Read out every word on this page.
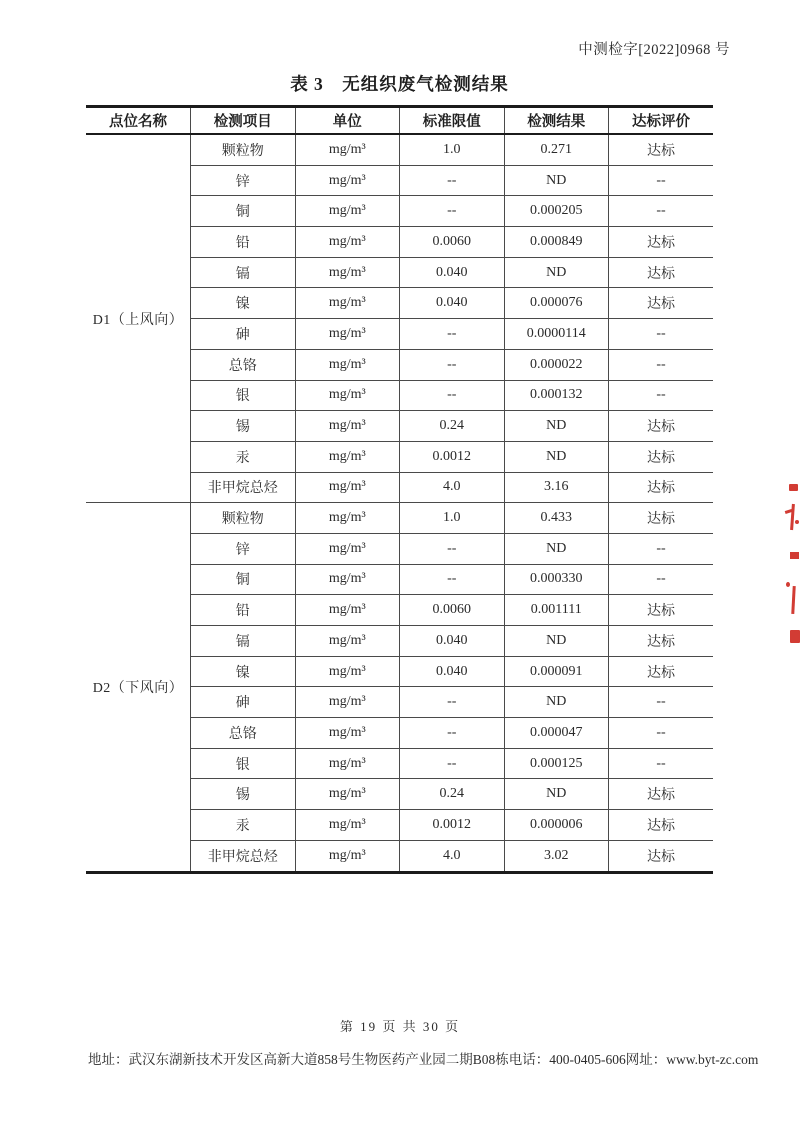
中测检字[2022]0968 号
表 3　无组织废气检测结果
点位名称	检测项目	单位	标准限值	检测结果	达标评价
D1（上风向）	颗粒物	mg/m³	1.0	0.271	达标
	锌	mg/m³	--	ND	--
	铜	mg/m³	--	0.000205	--
	铅	mg/m³	0.0060	0.000849	达标
	镉	mg/m³	0.040	ND	达标
	镍	mg/m³	0.040	0.000076	达标
	砷	mg/m³	--	0.0000114	--
	总铬	mg/m³	--	0.000022	--
	银	mg/m³	--	0.000132	--
	锡	mg/m³	0.24	ND	达标
	汞	mg/m³	0.0012	ND	达标
	非甲烷总烃	mg/m³	4.0	3.16	达标
D2（下风向）	颗粒物	mg/m³	1.0	0.433	达标
	锌	mg/m³	--	ND	--
	铜	mg/m³	--	0.000330	--
	铅	mg/m³	0.0060	0.001111	达标
	镉	mg/m³	0.040	ND	达标
	镍	mg/m³	0.040	0.000091	达标
	砷	mg/m³	--	ND	--
	总铬	mg/m³	--	0.000047	--
	银	mg/m³	--	0.000125	--
	锡	mg/m³	0.24	ND	达标
	汞	mg/m³	0.0012	0.000006	达标
	非甲烷总烃	mg/m³	4.0	3.02	达标
第 19 页 共 30 页
地址：武汉东湖新技术开发区高新大道858号生物医药产业园二期B08栋 电话：400-0405-606 网址：www.byt-zc.com
